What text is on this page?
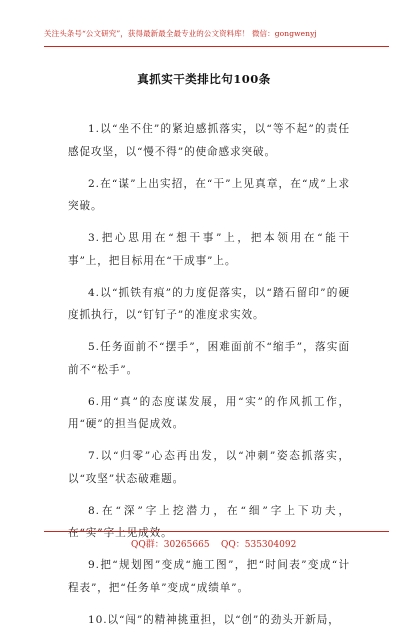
关注头条号“公文研究”，获得最新最全最专业的公文资料库！ 微信：gongwenyj
真抓实干类排比句100条

1.以“坐不住”的紧迫感抓落实，以“等不起”的责任感促攻坚，以“慢不得”的使命感求突破。

2.在“谋”上出实招，在“干”上见真章，在“成”上求突破。

3.把心思用在“想干事”上，把本领用在“能干事”上，把目标用在“干成事”上。

4.以“抓铁有痕”的力度促落实，以“踏石留印”的硬度抓执行，以“钉钉子”的准度求实效。

5.任务面前不“摆手”，困难面前不“缩手”，落实面前不“松手”。

6.用“真”的态度谋发展，用“实”的作风抓工作，用“硬”的担当促成效。

7.以“归零”心态再出发，以“冲刺”姿态抓落实，以“攻坚”状态破难题。

8.在“深”字上挖潜力，在“细”字上下功夫，在“实”字上见成效。

9.把“规划图”变成“施工图”，把“时间表”变成“计程表”，把“任务单”变成“成绩单”。

10.以“闯”的精神挑重担，以“创”的劲头开新局，

QQ群：30265665 QQ：535304092
